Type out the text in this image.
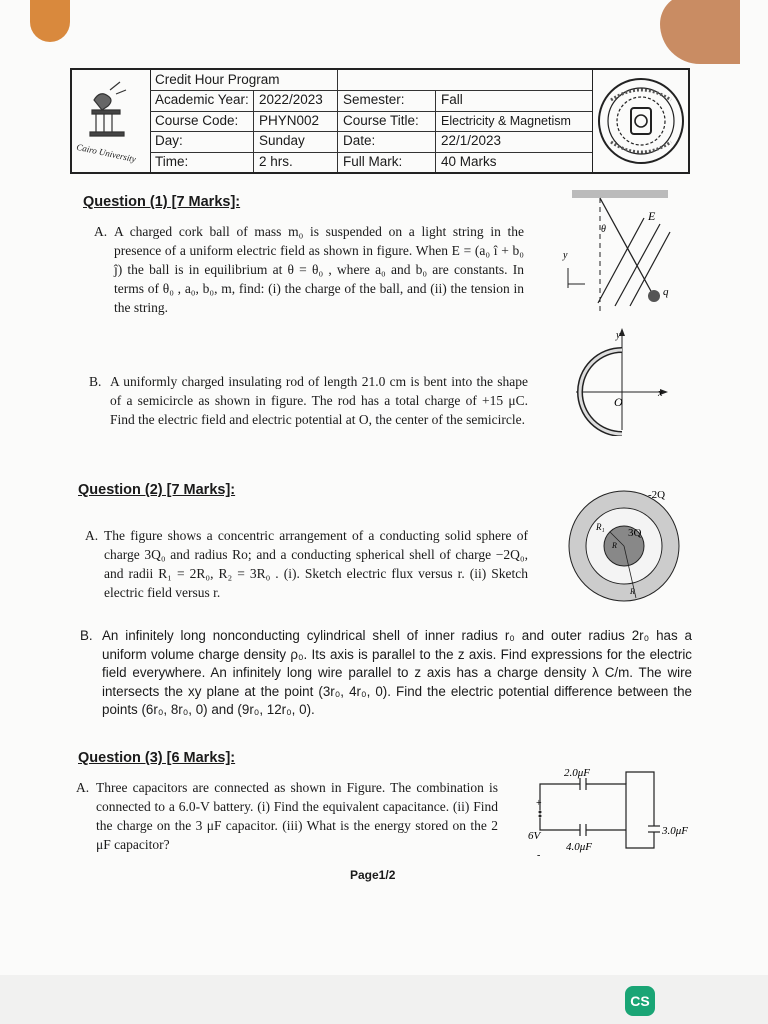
Cairo University
Credit Hour Program
Academic Year: 2022/2023	Semester:	Fall
Course Code:	PHYN002	Course Title:	Electricity & Magnetism
Day:	Sunday	Date:	22/1/2023
Time:	2 hrs.	Full Mark:	40 Marks
Question (1) [7 Marks]:
A. A charged cork ball of mass m₀ is suspended on a light string in the presence of a uniform electric field as shown in figure. When E = (a₀ î + b₀ ĵ) the ball is in equilibrium at θ = θ₀ , where a₀ and b₀ are constants. In terms of θ₀ , a₀, b₀, m, find: (i) the charge of the ball, and (ii) the tension in the string.
y
θ
E
q
B. A uniformly charged insulating rod of length 21.0 cm is bent into the shape of a semicircle as shown in figure. The rod has a total charge of +15 μC. Find the electric field and electric potential at O, the center of the semicircle.
y
x
O
Question (2) [7 Marks]:
A. The figure shows a concentric arrangement of a conducting solid sphere of charge 3Q₀ and radius Ro; and a conducting spherical shell of charge −2Q₀, and radii R₁ = 2R₀, R₂ = 3R₀ . (i). Sketch electric flux versus r. (ii) Sketch electric field versus r.
-2Q
3Q
R₁
R
R
B. An infinitely long nonconducting cylindrical shell of inner radius r₀ and outer radius 2r₀ has a uniform volume charge density ρ₀. Its axis is parallel to the z axis. Find expressions for the electric field everywhere. An infinitely long wire parallel to z axis has a charge density λ C/m. The wire intersects the xy plane at the point (3r₀, 4r₀, 0). Find the electric potential difference between the points (6r₀, 8r₀, 0) and (9r₀, 12r₀, 0).
Question (3) [6 Marks]:
A. Three capacitors are connected as shown in Figure. The combination is connected to a 6.0-V battery. (i) Find the equivalent capacitance. (ii) Find the charge on the 3 μF capacitor. (iii) What is the energy stored on the 2 μF capacitor?
2.0μF
4.0μF
3.0μF
6V
+
-
Page1/2
CS
